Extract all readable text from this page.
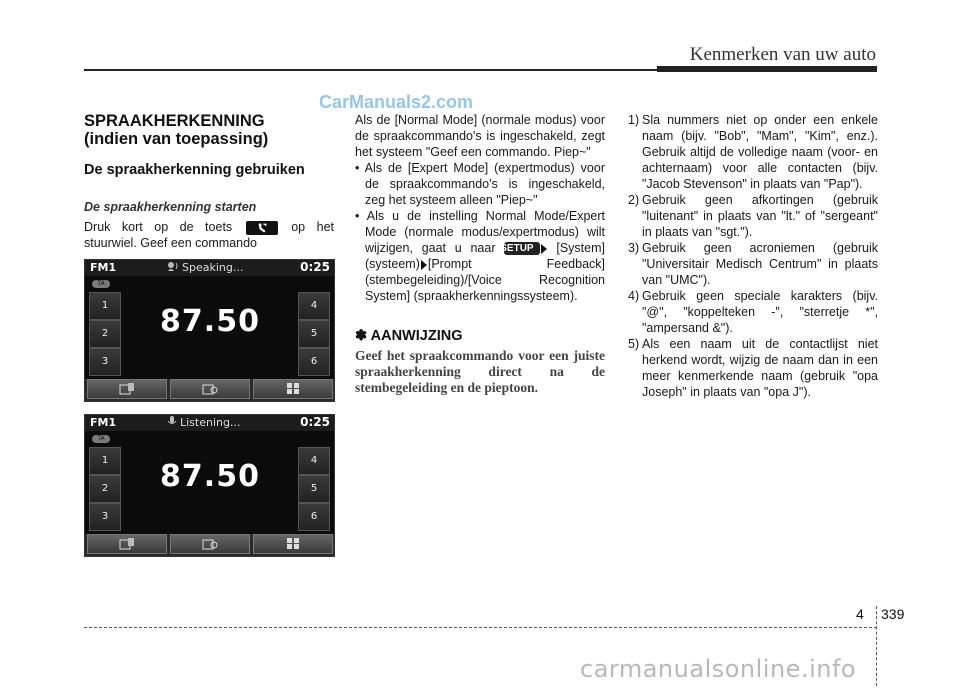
Kenmerken van uw auto
CarManuals2.com
SPRAAKHERKENNING
(indien van toepassing)
De spraakherkenning gebruiken
De spraakherkenning starten

Druk kort op de toets	op het stuurwiel. Geef een commando

FM1	Speaking...	0:25
TA
1
2
3
4
5
6
87.50
FM1	Listening...	0:25
TA
1
2
3
4
5
6
87.50

Als de [Normal Mode] (normale modus) voor de spraakcommando's is ingeschakeld, zegt het systeem "Geef een commando. Piep~"

• Als de [Expert Mode] (expertmodus) voor de spraakcommando's is ingeschakeld, zeg het systeem alleen "Piep~"

• Als u de instelling Normal Mode/Expert Mode (normale modus/expertmodus) wilt wijzigen, gaat u naar SETUP [System] (systeem) [Prompt Feedback] (stembegeleiding)/[Voice Recognition System] (spraakherkenningssysteem).

✽ AANWIJZING
Geef het spraakcommando voor een juiste spraakherkenning direct na de stembegeleiding en de pieptoon.
1) Sla nummers niet op onder een enkele naam (bijv. "Bob", "Mam", "Kim", enz.). Gebruik altijd de volledige naam (voor- en achternaam) voor alle contacten (bijv. "Jacob Stevenson" in plaats van "Pap").
2) Gebruik geen afkortingen (gebruik "luitenant" in plaats van "lt." of "sergeant" in plaats van "sgt.").
3) Gebruik geen acroniemen (gebruik "Universitair Medisch Centrum" in plaats van "UMC").
4) Gebruik geen speciale karakters (bijv. "@", "koppelteken -", "sterretje *", "ampersand &").
5) Als een naam uit de contactlijst niet herkend wordt, wijzig de naam dan in een meer kenmerkende naam (gebruik "opa Joseph" in plaats van "opa J").
4 339
carmanualsonline.info
